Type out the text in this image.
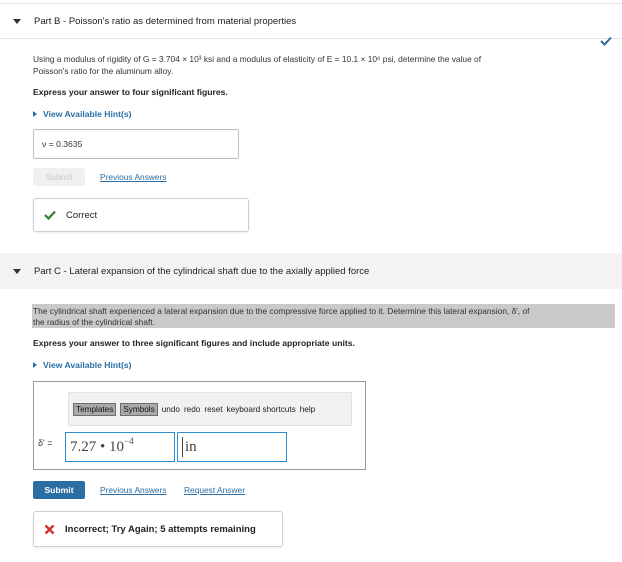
Part B - Poisson's ratio as determined from material properties
Using a modulus of rigidity of G = 3.704 × 10³ ksi and a modulus of elasticity of E = 10.1 × 10⁶ psi, determine the value of
Poisson's ratio for the aluminum alloy.
Express your answer to four significant figures.
View Available Hint(s)
ν = 0.3635
Submit	Previous Answers
Correct
Part C - Lateral expansion of the cylindrical shaft due to the axially applied force
The cylindrical shaft experienced a lateral expansion due to the compressive force applied to it. Determine this lateral expansion, δ′, of
the radius of the cylindrical shaft.
Express your answer to three significant figures and include appropriate units.
View Available Hint(s)
Templates	Symbols undo redo reset keyboard shortcuts help
δ′ = 7.27 • $10^{-4}$	in
Submit	Previous Answers Request Answer
Incorrect; Try Again; 5 attempts remaining
